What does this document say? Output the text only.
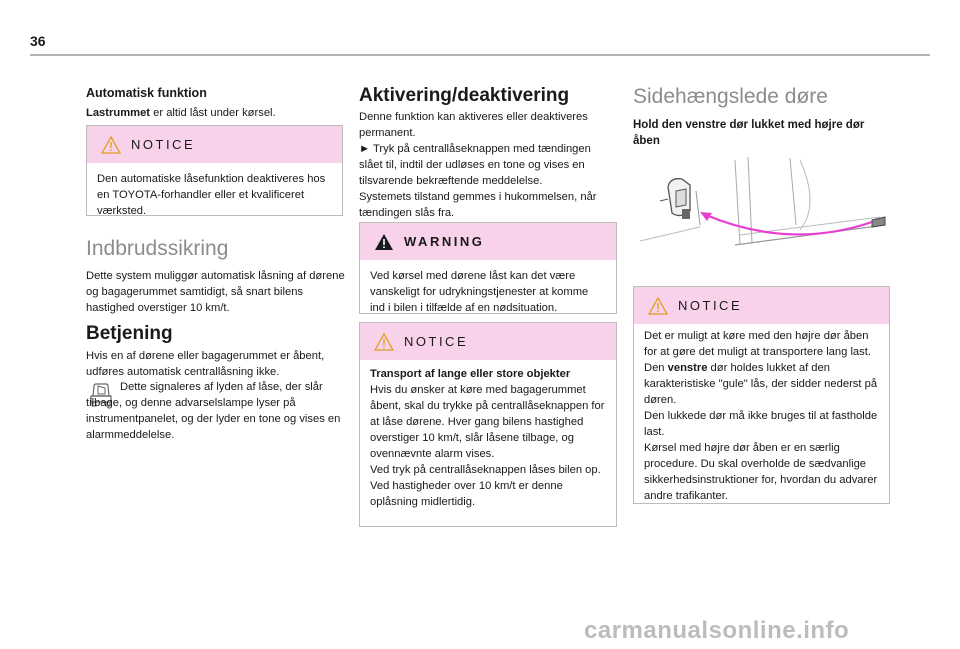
36
Automatisk funktion
Lastrummet er altid låst under kørsel.
NOTICE
Den automatiske låsefunktion deaktiveres hos en TOYOTA-forhandler eller et kvalificeret værksted.
Indbrudssikring
Dette system muliggør automatisk låsning af dørene og bagagerummet samtidigt, så snart bilens hastighed overstiger 10 km/t.
Betjening
Hvis en af dørene eller bagagerummet er åbent, udføres automatisk centrallåsning ikke.
Dette signaleres af lyden af låse, der slår tilbage, og denne advarselslampe lyser på instrumentpanelet, og der lyder en tone og vises en alarmmeddelelse.
Aktivering/deaktivering
Denne funktion kan aktiveres eller deaktiveres permanent.
► Tryk på centrallåseknappen med tændingen slået til, indtil der udløses en tone og vises en tilsvarende bekræftende meddelelse.
Systemets tilstand gemmes i hukommelsen, når tændingen slås fra.
WARNING
Ved kørsel med dørene låst kan det være vanskeligt for udrykningstjenester at komme ind i bilen i tilfælde af en nødsituation.
NOTICE

Transport af lange eller store objekter

Hvis du ønsker at køre med bagagerummet åbent, skal du trykke på centrallåseknappen for at låse dørene. Hver gang bilens hastighed overstiger 10 km/t, slår låsene tilbage, og ovennævnte alarm vises.

Ved tryk på centrallåseknappen låses bilen op.

Ved hastigheder over 10 km/t er denne oplåsning midlertidig.

Sidehængslede døre
Hold den venstre dør lukket med højre dør åben
NOTICE

Det er muligt at køre med den højre dør åben for at gøre det muligt at transportere lang last.

Den venstre dør holdes lukket af den karakteristiske "gule" lås, der sidder nederst på døren.

Den lukkede dør må ikke bruges til at fastholde last.

Kørsel med højre dør åben er en særlig procedure. Du skal overholde de sædvanlige sikkerhedsinstruktioner for, hvordan du advarer andre trafikanter.

carmanualsonline.info
